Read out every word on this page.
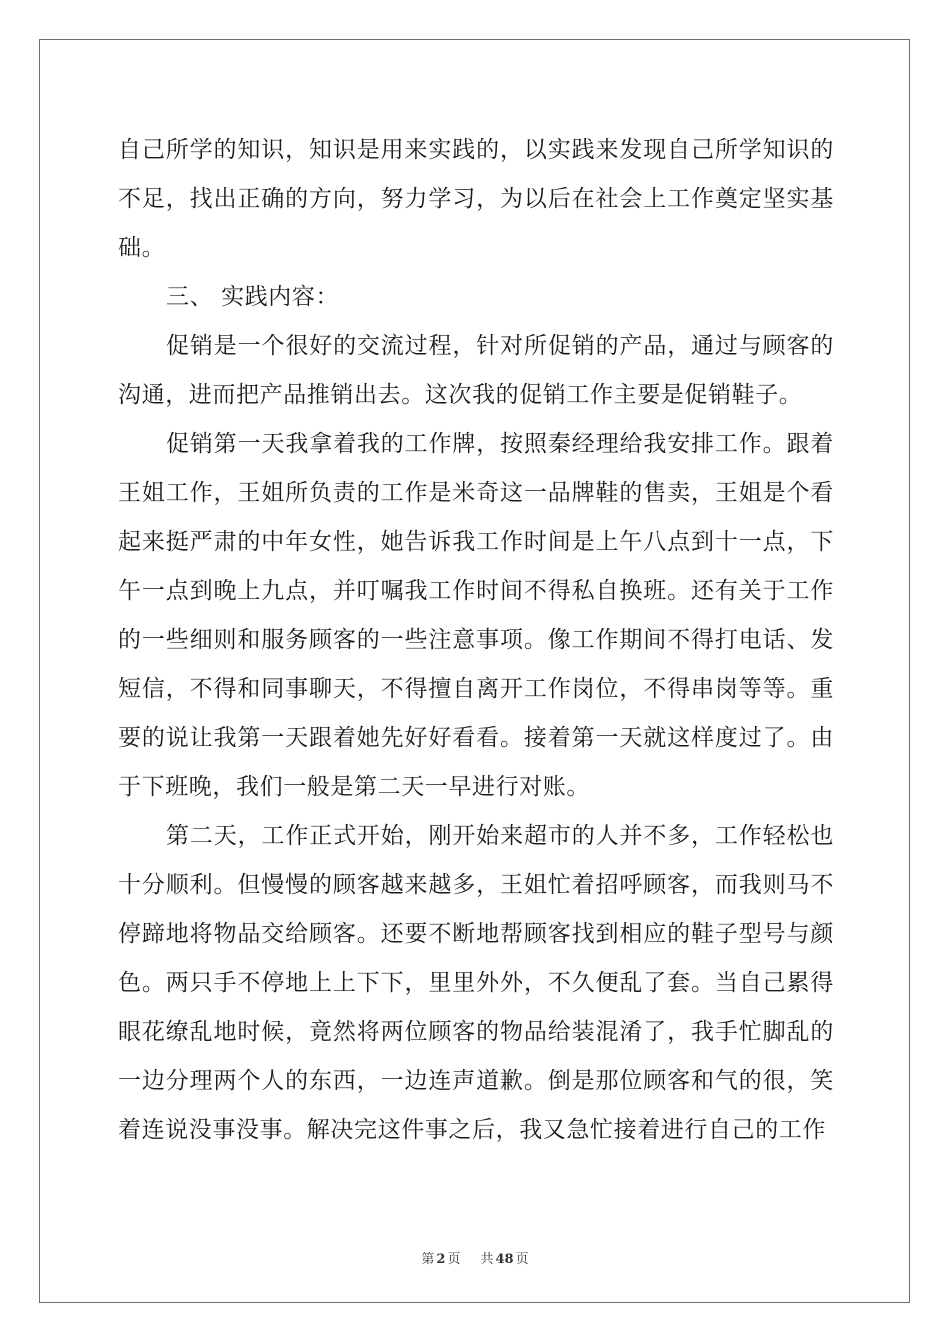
自己所学的知识，知识是用来实践的，以实践来发现自己所学知识的不足，找出正确的方向，努力学习，为以后在社会上工作奠定坚实基础。

三、 实践内容：

促销是一个很好的交流过程，针对所促销的产品，通过与顾客的沟通，进而把产品推销出去。这次我的促销工作主要是促销鞋子。

促销第一天我拿着我的工作牌，按照秦经理给我安排工作。跟着王姐工作，王姐所负责的工作是米奇这一品牌鞋的售卖，王姐是个看起来挺严肃的中年女性，她告诉我工作时间是上午八点到十一点，下午一点到晚上九点，并叮嘱我工作时间不得私自换班。还有关于工作的一些细则和服务顾客的一些注意事项。像工作期间不得打电话、发短信，不得和同事聊天，不得擅自离开工作岗位，不得串岗等等。重要的说让我第一天跟着她先好好看看。接着第一天就这样度过了。由于下班晚，我们一般是第二天一早进行对账。

第二天，工作正式开始，刚开始来超市的人并不多，工作轻松也十分顺利。但慢慢的顾客越来越多，王姐忙着招呼顾客，而我则马不停蹄地将物品交给顾客。还要不断地帮顾客找到相应的鞋子型号与颜色。两只手不停地上上下下，里里外外，不久便乱了套。当自己累得眼花缭乱地时候，竟然将两位顾客的物品给装混淆了，我手忙脚乱的一边分理两个人的东西，一边连声道歉。倒是那位顾客和气的很，笑着连说没事没事。解决完这件事之后，我又急忙接着进行自己的工作

第 2 页 共 48 页
